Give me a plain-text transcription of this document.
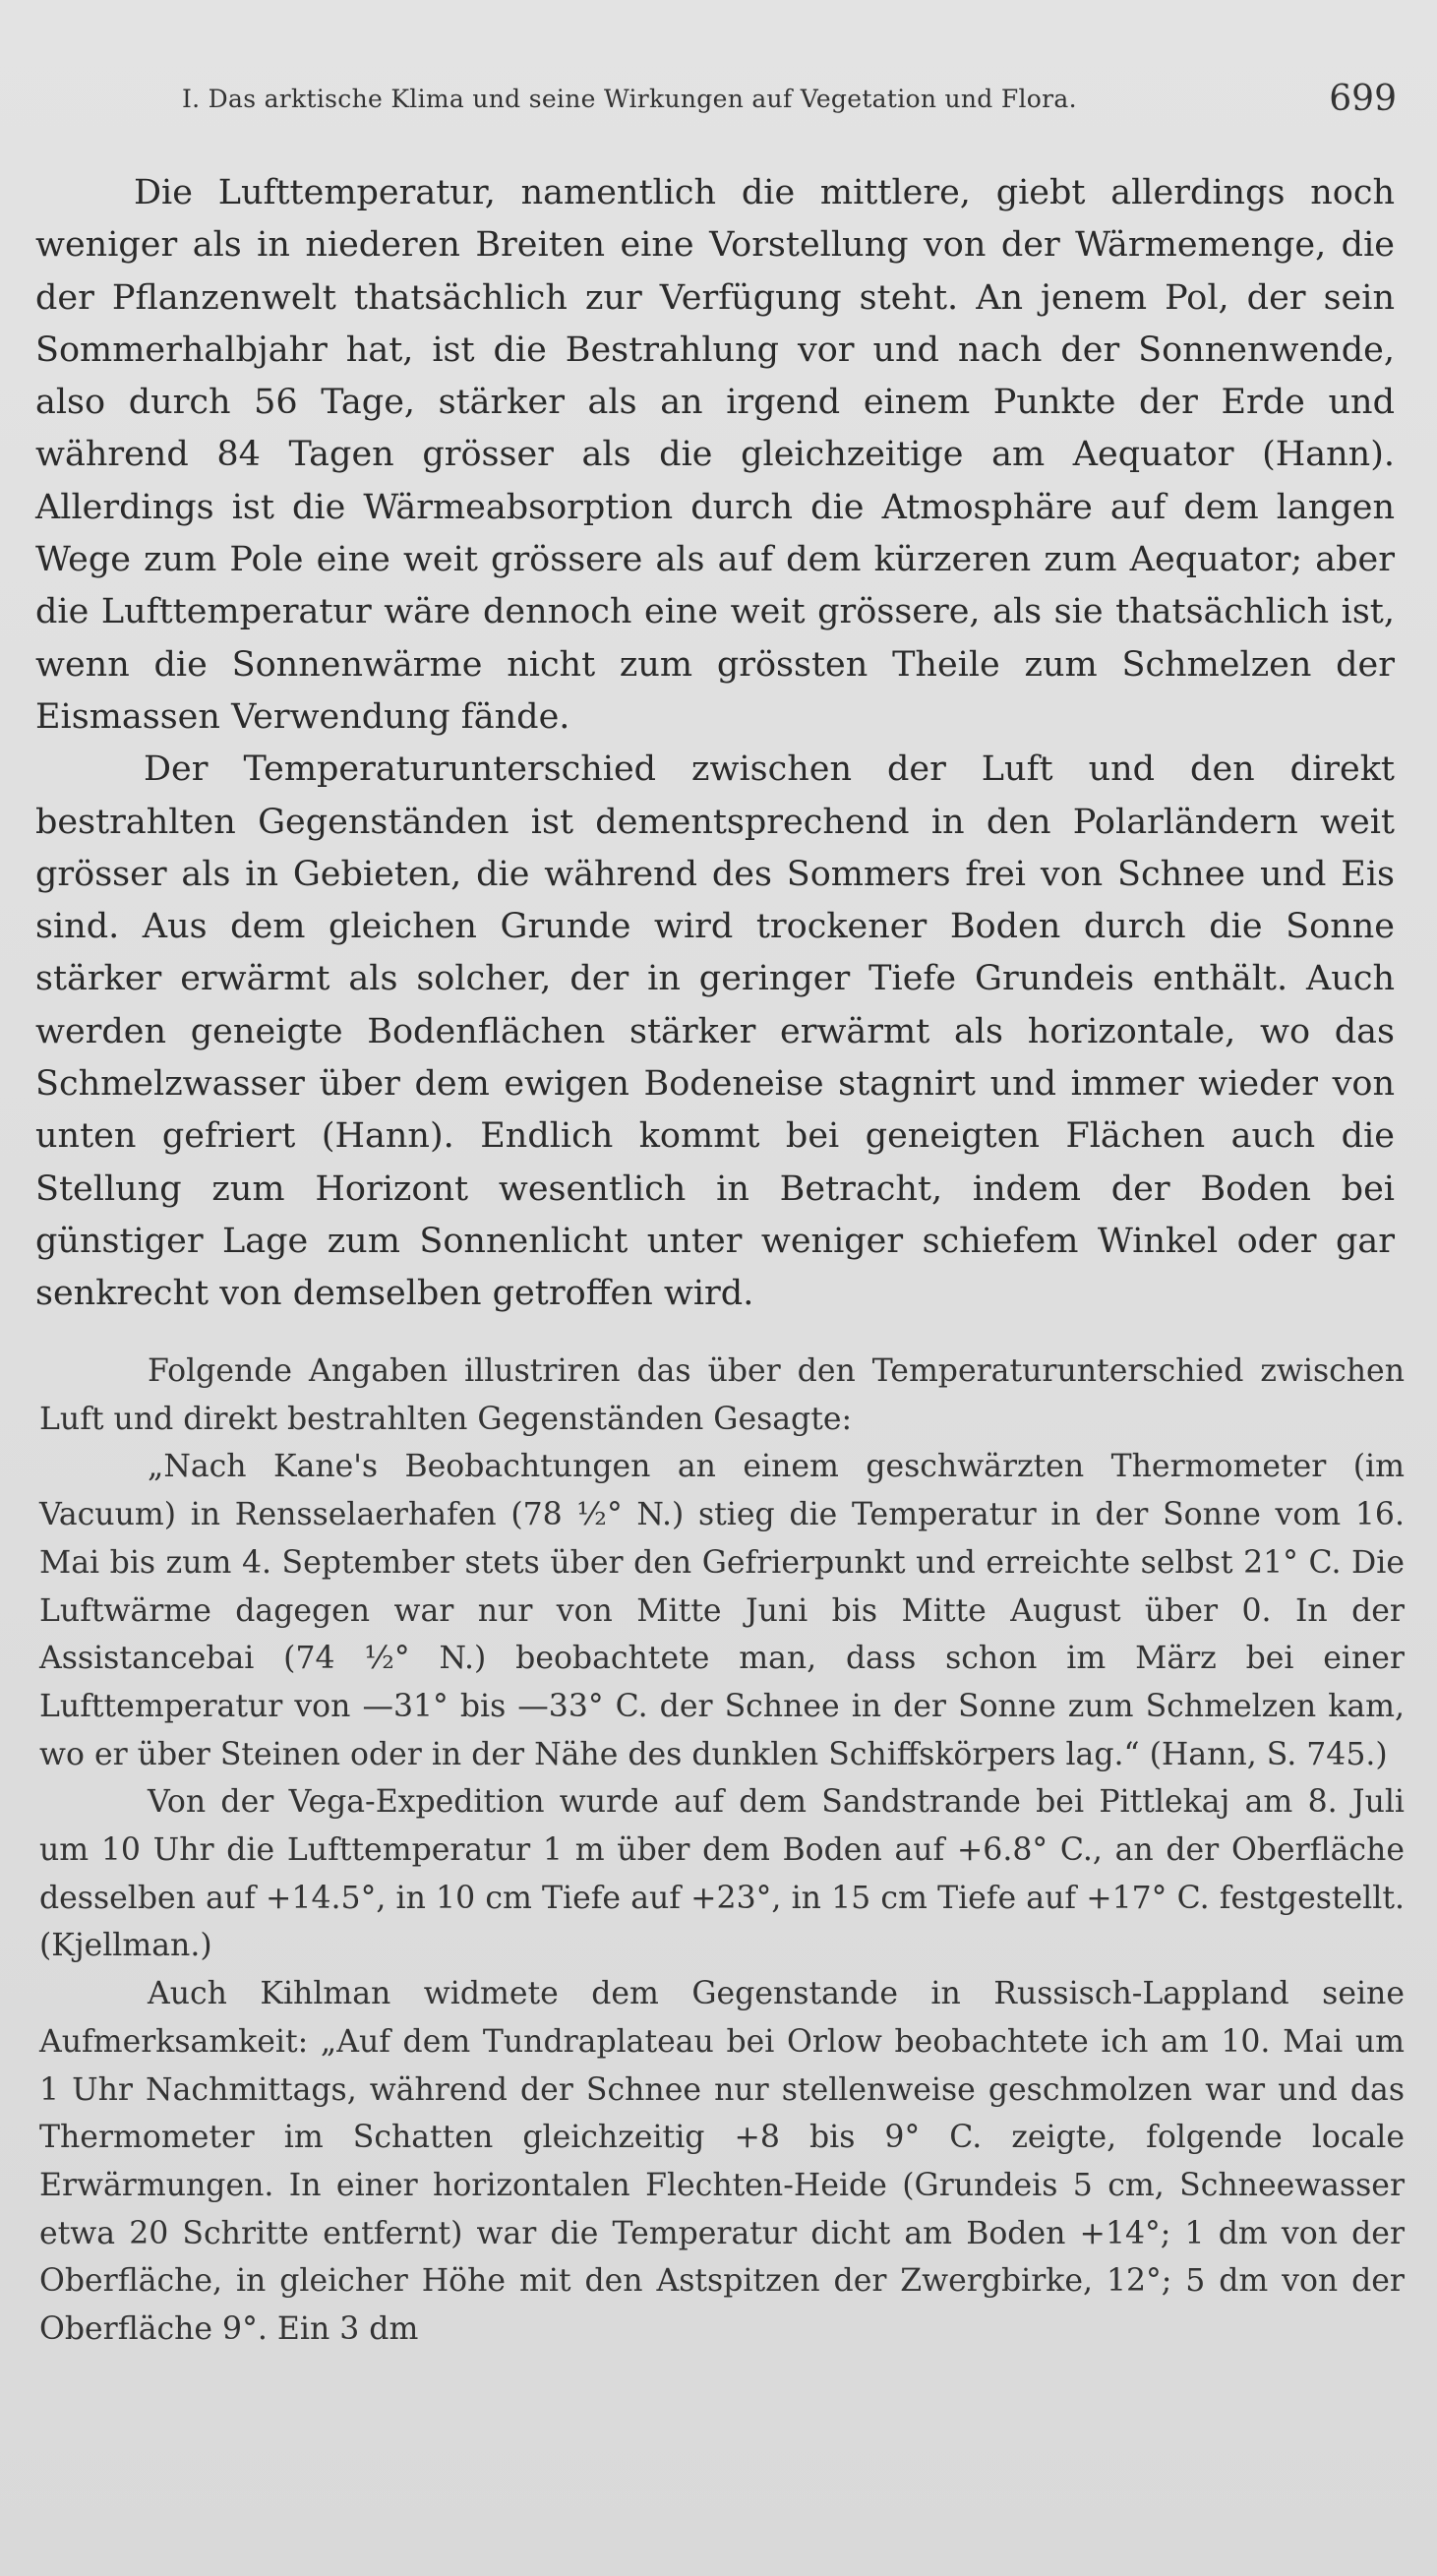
I. Das arktische Klima und seine Wirkungen auf Vegetation und Flora.	699

Die Lufttemperatur, namentlich die mittlere, giebt allerdings noch weniger als in niederen Breiten eine Vorstellung von der Wärmemenge, die der Pflanzenwelt thatsächlich zur Verfügung steht. An jenem Pol, der sein Sommerhalbjahr hat, ist die Bestrahlung vor und nach der Sonnenwende, also durch 56 Tage, stärker als an irgend einem Punkte der Erde und während 84 Tagen grösser als die gleichzeitige am Aequator (Hann). Allerdings ist die Wärmeabsorption durch die Atmosphäre auf dem langen Wege zum Pole eine weit grössere als auf dem kürzeren zum Aequator; aber die Lufttemperatur wäre dennoch eine weit grössere, als sie thatsächlich ist, wenn die Sonnenwärme nicht zum grössten Theile zum Schmelzen der Eismassen Verwendung fände.

Der Temperaturunterschied zwischen der Luft und den direkt bestrahlten Gegenständen ist dementsprechend in den Polarländern weit grösser als in Gebieten, die während des Sommers frei von Schnee und Eis sind. Aus dem gleichen Grunde wird trockener Boden durch die Sonne stärker erwärmt als solcher, der in geringer Tiefe Grundeis enthält. Auch werden geneigte Bodenflächen stärker erwärmt als horizontale, wo das Schmelzwasser über dem ewigen Bodeneise stagnirt und immer wieder von unten gefriert (Hann). Endlich kommt bei geneigten Flächen auch die Stellung zum Horizont wesentlich in Betracht, indem der Boden bei günstiger Lage zum Sonnenlicht unter weniger schiefem Winkel oder gar senkrecht von demselben getroffen wird.

Folgende Angaben illustriren das über den Temperaturunterschied zwischen Luft und direkt bestrahlten Gegenständen Gesagte:

„Nach Kane's Beobachtungen an einem geschwärzten Thermometer (im Vacuum) in Rensselaerhafen (78 ½° N.) stieg die Temperatur in der Sonne vom 16. Mai bis zum 4. September stets über den Gefrierpunkt und erreichte selbst 21° C. Die Luftwärme dagegen war nur von Mitte Juni bis Mitte August über 0. In der Assistancebai (74 ½° N.) beobachtete man, dass schon im März bei einer Lufttemperatur von —31° bis —33° C. der Schnee in der Sonne zum Schmelzen kam, wo er über Steinen oder in der Nähe des dunklen Schiffskörpers lag.“ (Hann, S. 745.)

Von der Vega-Expedition wurde auf dem Sandstrande bei Pittlekaj am 8. Juli um 10 Uhr die Lufttemperatur 1 m über dem Boden auf +6.8° C., an der Oberfläche desselben auf +14.5°, in 10 cm Tiefe auf +23°, in 15 cm Tiefe auf +17° C. festgestellt. (Kjellman.)

Auch Kihlman widmete dem Gegenstande in Russisch-Lappland seine Aufmerksamkeit: „Auf dem Tundraplateau bei Orlow beobachtete ich am 10. Mai um 1 Uhr Nachmittags, während der Schnee nur stellenweise geschmolzen war und das Thermometer im Schatten gleichzeitig +8 bis 9° C. zeigte, folgende locale Erwärmungen. In einer horizontalen Flechten-Heide (Grundeis 5 cm, Schneewasser etwa 20 Schritte entfernt) war die Temperatur dicht am Boden +14°; 1 dm von der Oberfläche, in gleicher Höhe mit den Astspitzen der Zwergbirke, 12°; 5 dm von der Oberfläche 9°. Ein 3 dm
